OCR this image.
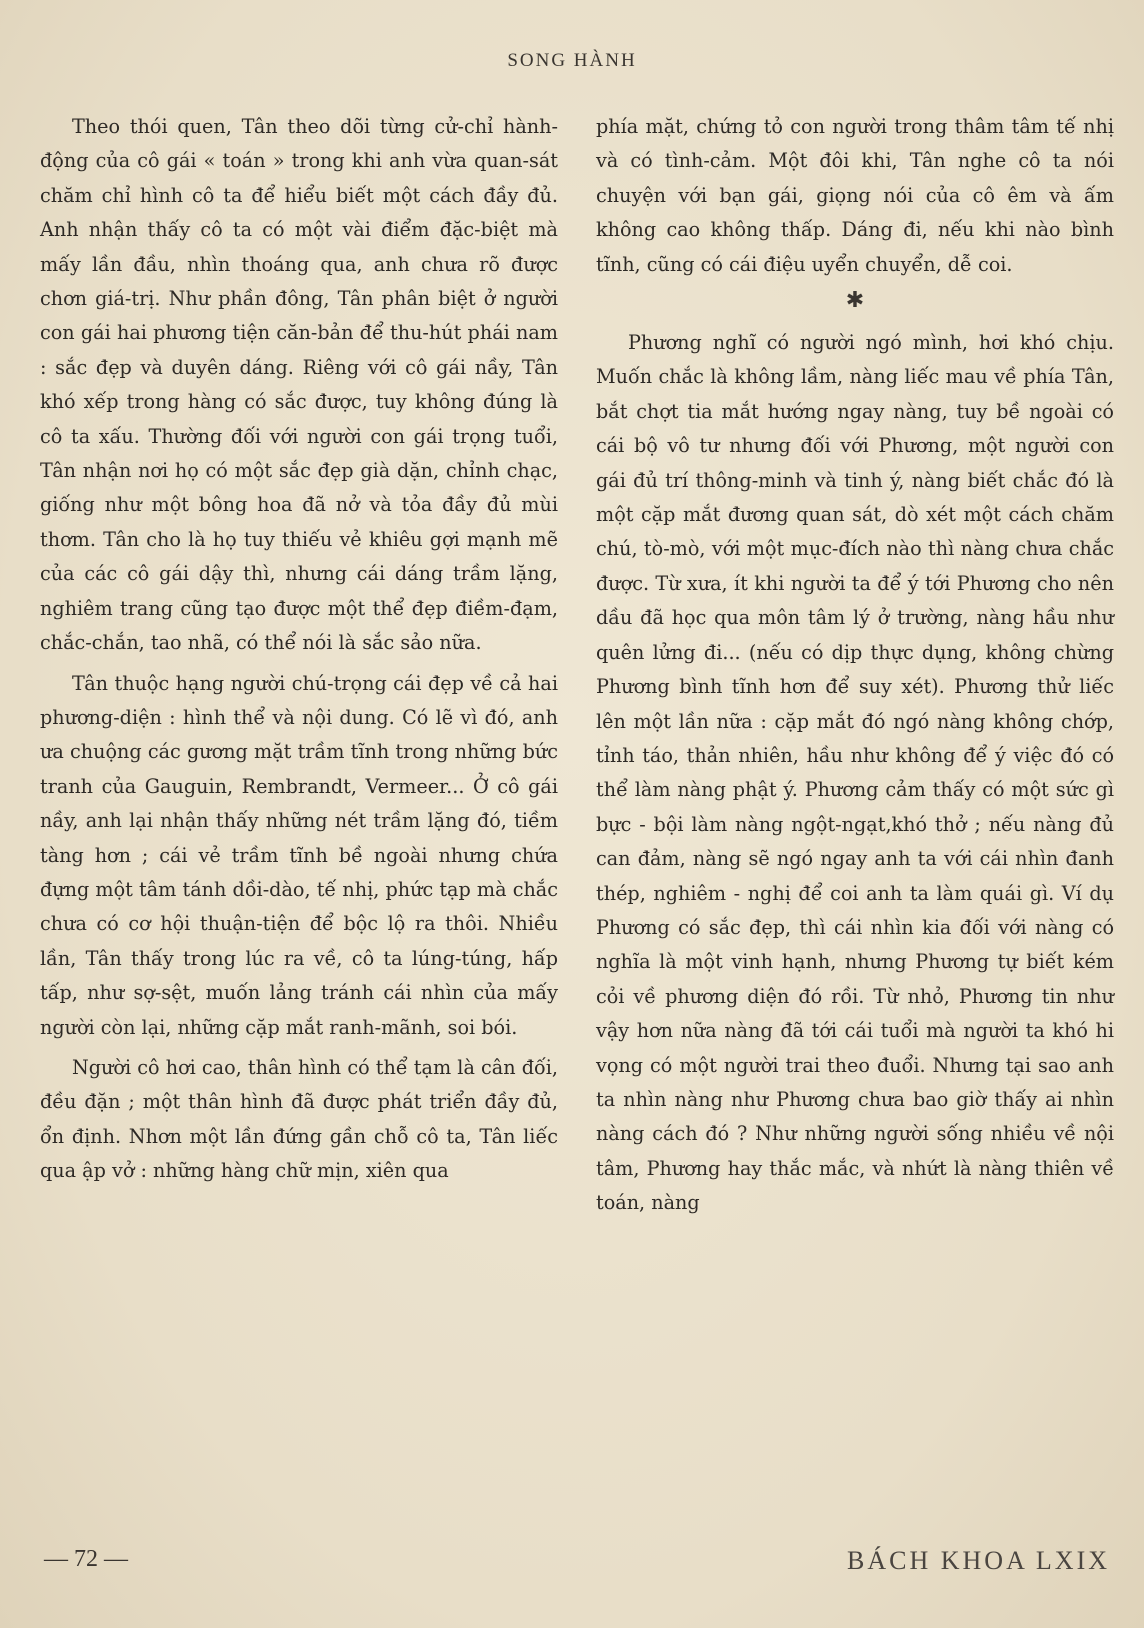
SONG HÀNH

Theo thói quen, Tân theo dõi từng cử-chỉ hành-động của cô gái « toán » trong khi anh vừa quan-sát chăm chỉ hình cô ta để hiểu biết một cách đầy đủ. Anh nhận thấy cô ta có một vài điểm đặc-biệt mà mấy lần đầu, nhìn thoáng qua, anh chưa rõ được chơn giá-trị. Như phần đông, Tân phân biệt ở người con gái hai phương tiện căn-bản để thu-hút phái nam : sắc đẹp và duyên dáng. Riêng với cô gái nầy, Tân khó xếp trong hàng có sắc được, tuy không đúng là cô ta xấu. Thường đối với người con gái trọng tuổi, Tân nhận nơi họ có một sắc đẹp già dặn, chỉnh chạc, giống như một bông hoa đã nở và tỏa đầy đủ mùi thơm. Tân cho là họ tuy thiếu vẻ khiêu gợi mạnh mẽ của các cô gái dậy thì, nhưng cái dáng trầm lặng, nghiêm trang cũng tạo được một thể đẹp điềm-đạm, chắc-chắn, tao nhã, có thể nói là sắc sảo nữa.

Tân thuộc hạng người chú-trọng cái đẹp về cả hai phương-diện : hình thể và nội dung. Có lẽ vì đó, anh ưa chuộng các gương mặt trầm tĩnh trong những bức tranh của Gauguin, Rembrandt, Vermeer... Ở cô gái nầy, anh lại nhận thấy những nét trầm lặng đó, tiềm tàng hơn ; cái vẻ trầm tĩnh bề ngoài nhưng chứa đựng một tâm tánh dồi-dào, tế nhị, phức tạp mà chắc chưa có cơ hội thuận-tiện để bộc lộ ra thôi. Nhiều lần, Tân thấy trong lúc ra về, cô ta lúng-túng, hấp tấp, như sợ-sệt, muốn lảng tránh cái nhìn của mấy người còn lại, những cặp mắt ranh-mãnh, soi bói.

Người cô hơi cao, thân hình có thể tạm là cân đối, đều đặn ; một thân hình đã được phát triển đầy đủ, ổn định. Nhơn một lần đứng gần chỗ cô ta, Tân liếc qua ập vở : những hàng chữ mịn, xiên qua

phía mặt, chứng tỏ con người trong thâm tâm tế nhị và có tình-cảm. Một đôi khi, Tân nghe cô ta nói chuyện với bạn gái, giọng nói của cô êm và ấm không cao không thấp. Dáng đi, nếu khi nào bình tĩnh, cũng có cái điệu uyển chuyển, dễ coi.

✱

Phương nghĩ có người ngó mình, hơi khó chịu. Muốn chắc là không lầm, nàng liếc mau về phía Tân, bắt chợt tia mắt hướng ngay nàng, tuy bề ngoài có cái bộ vô tư nhưng đối với Phương, một người con gái đủ trí thông-minh và tinh ý, nàng biết chắc đó là một cặp mắt đương quan sát, dò xét một cách chăm chú, tò-mò, với một mục-đích nào thì nàng chưa chắc được. Từ xưa, ít khi người ta để ý tới Phương cho nên dầu đã học qua môn tâm lý ở trường, nàng hầu như quên lửng đi... (nếu có dịp thực dụng, không chừng Phương bình tĩnh hơn để suy xét). Phương thử liếc lên một lần nữa : cặp mắt đó ngó nàng không chớp, tỉnh táo, thản nhiên, hầu như không để ý việc đó có thể làm nàng phật ý. Phương cảm thấy có một sức gì bực - bội làm nàng ngột-ngạt,khó thở ; nếu nàng đủ can đảm, nàng sẽ ngó ngay anh ta với cái nhìn đanh thép, nghiêm - nghị để coi anh ta làm quái gì. Ví dụ Phương có sắc đẹp, thì cái nhìn kia đối với nàng có nghĩa là một vinh hạnh, nhưng Phương tự biết kém cỏi về phương diện đó rồi. Từ nhỏ, Phương tin như vậy hơn nữa nàng đã tới cái tuổi mà người ta khó hi vọng có một người trai theo đuổi. Nhưng tại sao anh ta nhìn nàng như Phương chưa bao giờ thấy ai nhìn nàng cách đó ? Như những người sống nhiều về nội tâm, Phương hay thắc mắc, và nhứt là nàng thiên về toán, nàng

— 72 —	BÁCH KHOA LXIX
